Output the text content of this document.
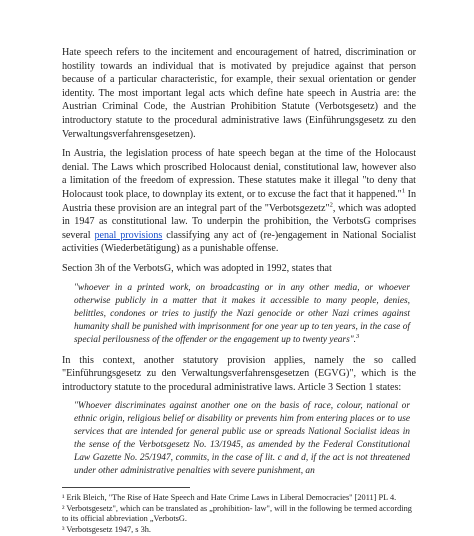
Hate speech refers to the incitement and encouragement of hatred, discrimination or hostility towards an individual that is motivated by prejudice against that person because of a particular characteristic, for example, their sexual orientation or gender identity. The most important legal acts which define hate speech in Austria are: the Austrian Criminal Code, the Austrian Prohibition Statute (Verbotsgesetz) and the introductory statute to the procedural administrative laws (Einführungsgesetz zu den Verwaltungsverfahrensgesetzen).

In Austria, the legislation process of hate speech began at the time of the Holocaust denial. The Laws which proscribed Holocaust denial, constitutional law, however also a limitation of the freedom of expression. These statutes make it illegal "to deny that Holocaust took place, to downplay its extent, or to excuse the fact that it happened."$^1$ In Austria these provision are an integral part of the "Verbotsgezetz"$^2$, which was adopted in 1947 as constitutional law. To underpin the prohibition, the VerbotsG comprises several penal provisions classifying any act of (re-)engagement in National Socialist activities (Wiederbetätigung) as a punishable offense.

Section 3h of the VerbotsG, which was adopted in 1992, states that

"whoever in a printed work, on broadcasting or in any other media, or whoever otherwise publicly in a matter that it makes it accessible to many people, denies, belittles, condones or tries to justify the Nazi genocide or other Nazi crimes against humanity shall be punished with imprisonment for one year up to ten years, in the case of special perilousness of the offender or the engagement up to twenty years".$^3$

In this context, another statutory provision applies, namely the so called "Einführungsgesetz zu den Verwaltungsverfahrensgesetzen (EGVG)", which is the introductory statute to the procedural administrative laws. Article 3 Section 1 states:

"Whoever discriminates against another one on the basis of race, colour, national or ethnic origin, religious belief or disability or prevents him from entering places or to use services that are intended for general public use or spreads National Socialist ideas in the sense of the Verbotsgesetz No. 13/1945, as amended by the Federal Constitutional Law Gazette No. 25/1947, commits, in the case of lit. c and d, if the act is not threatened under other administrative penalties with severe punishment, an

¹ Erik Bleich, "The Rise of Hate Speech and Hate Crime Laws in Liberal Democracies" [2011] PL 4.

² Verbotsgesetz", which can be translated as „prohibition- law", will in the following be termed according to its official abbreviation „VerbotsG.

³ Verbotsgesetz 1947, s 3h.
